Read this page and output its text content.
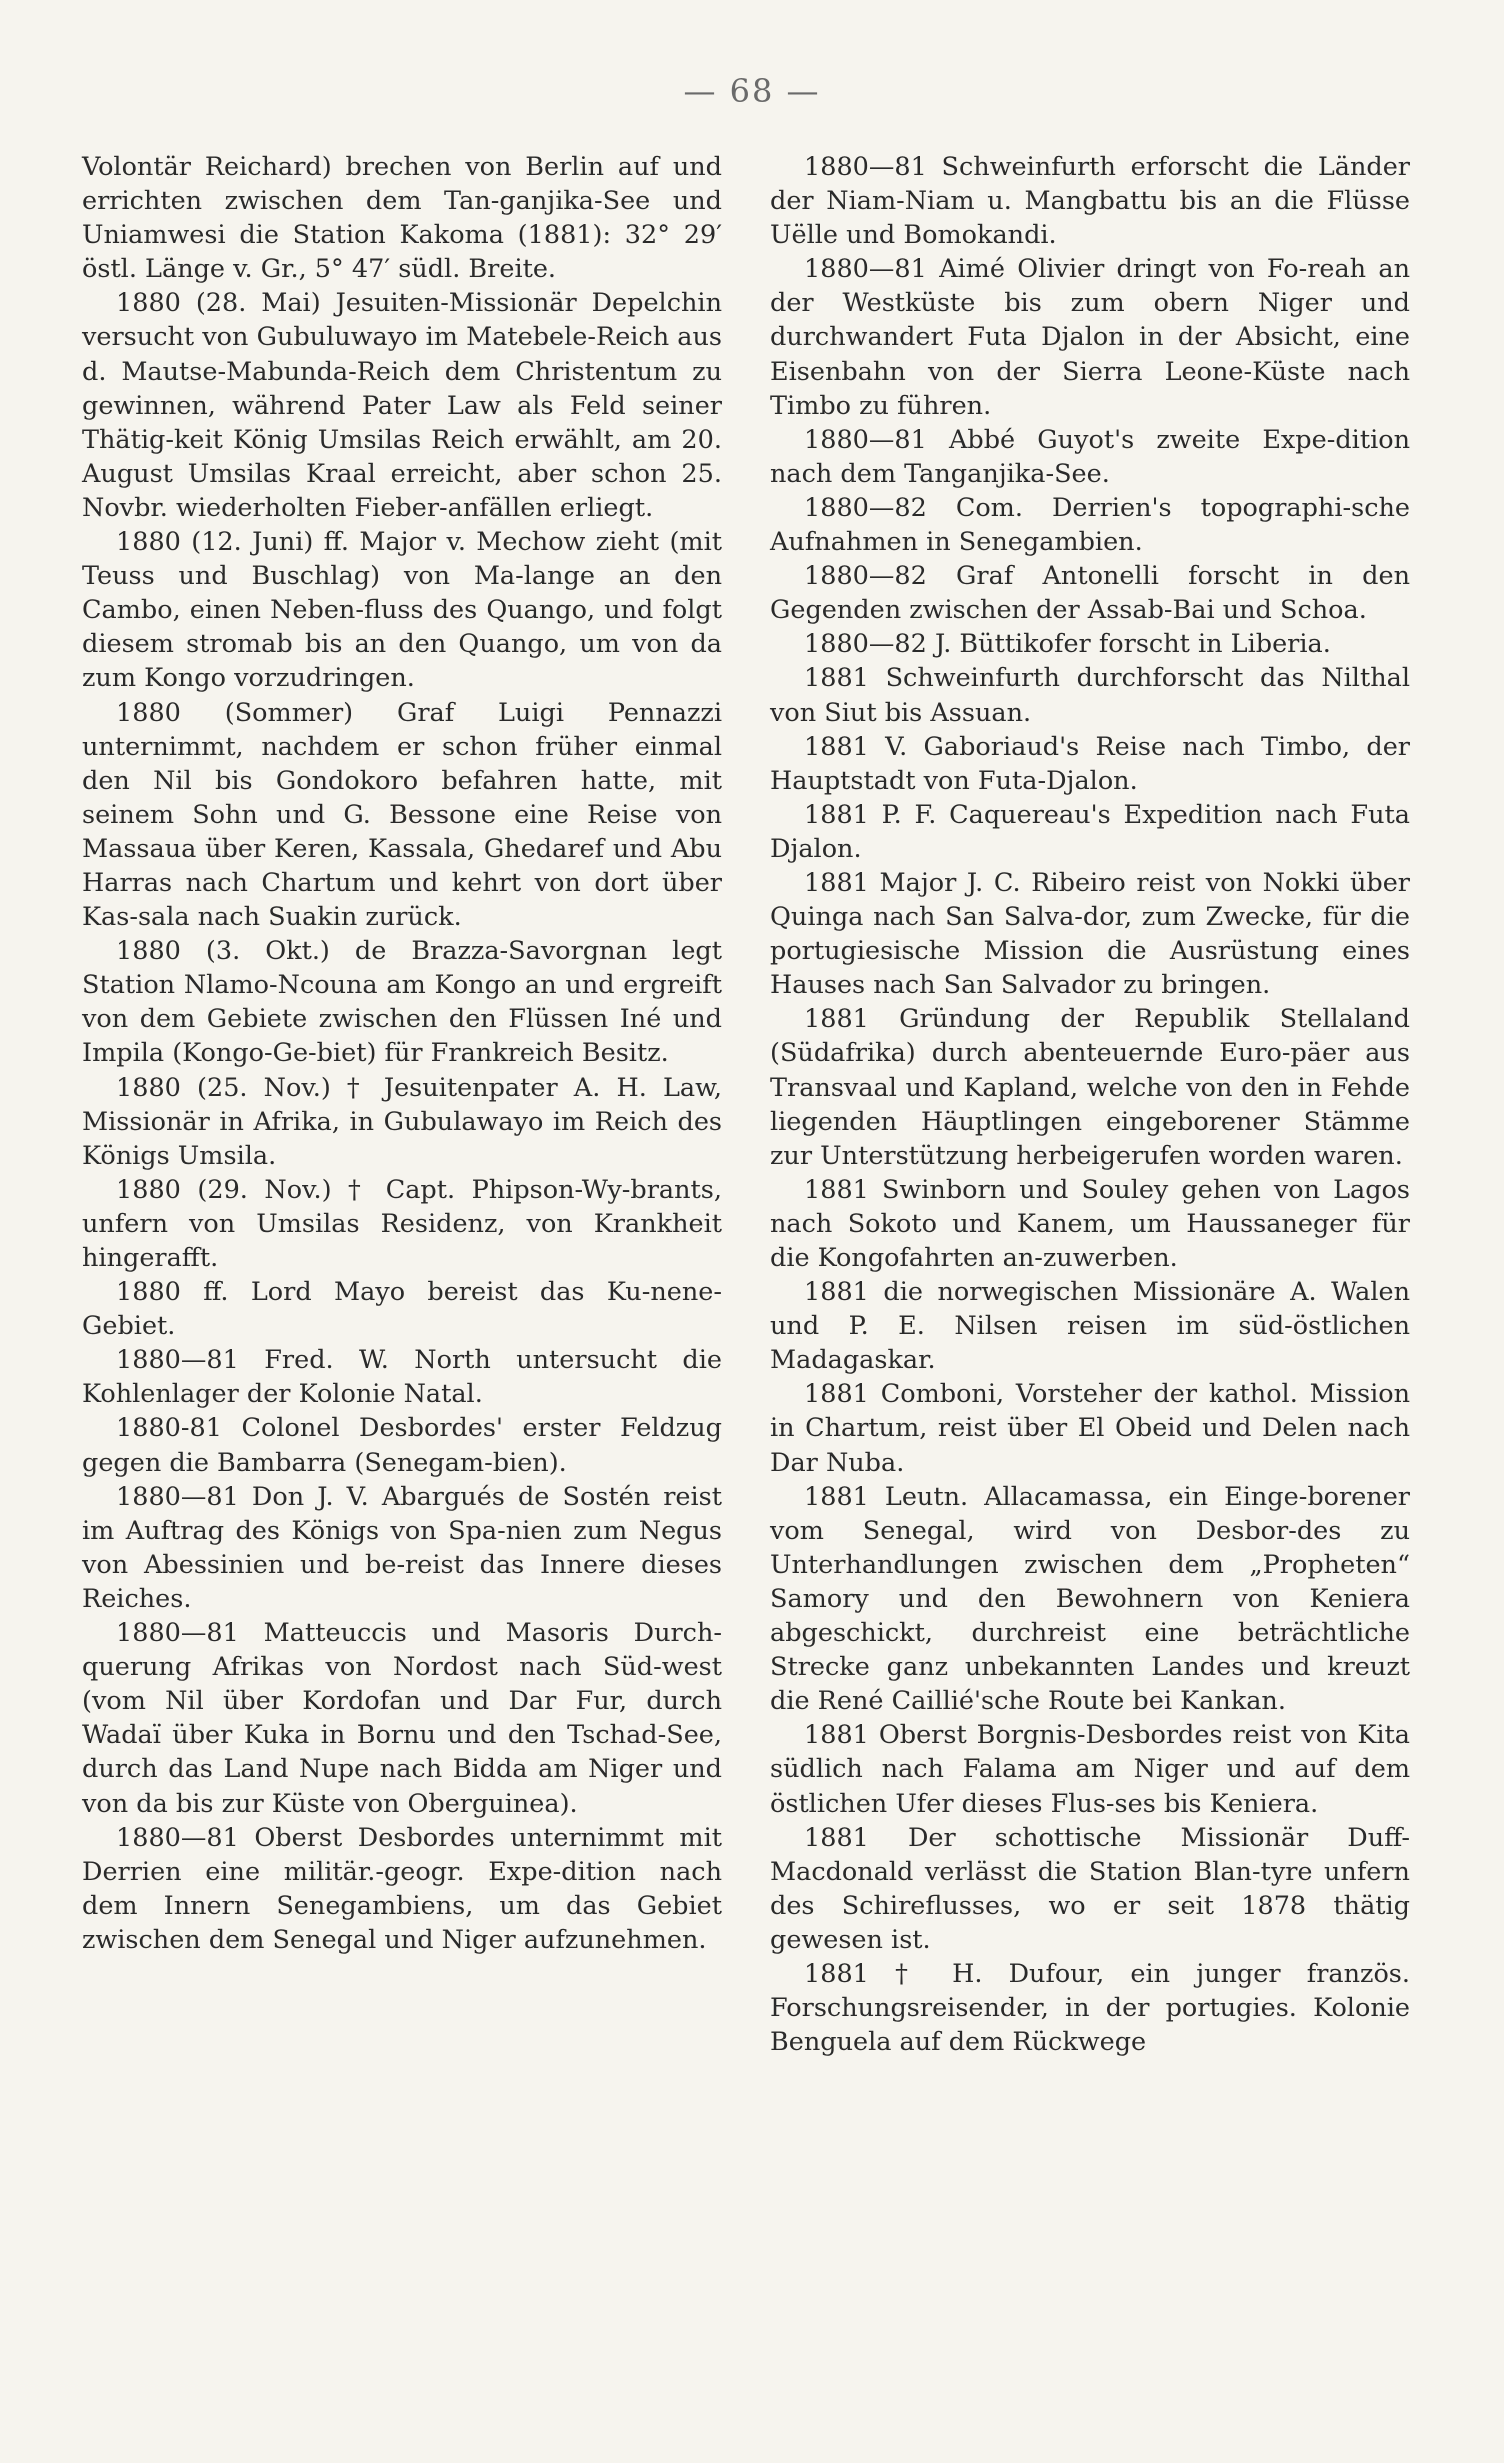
— 68 —

Volontär Reichard) brechen von Berlin auf und errichten zwischen dem Tan-ganjika-See und Uniamwesi die Station Kakoma (1881): 32° 29′ östl. Länge v. Gr., 5° 47′ südl. Breite.

1880 (28. Mai) Jesuiten-Missionär Depelchin versucht von Gubuluwayo im Matebele-Reich aus d. Mautse-Mabunda-Reich dem Christentum zu gewinnen, während Pater Law als Feld seiner Thätig-keit König Umsilas Reich erwählt, am 20. August Umsilas Kraal erreicht, aber schon 25. Novbr. wiederholten Fieber-anfällen erliegt.

1880 (12. Juni) ff. Major v. Mechow zieht (mit Teuss und Buschlag) von Ma-lange an den Cambo, einen Neben-fluss des Quango, und folgt diesem stromab bis an den Quango, um von da zum Kongo vorzudringen.

1880 (Sommer) Graf Luigi Pennazzi unternimmt, nachdem er schon früher einmal den Nil bis Gondokoro befahren hatte, mit seinem Sohn und G. Bessone eine Reise von Massaua über Keren, Kassala, Ghedaref und Abu Harras nach Chartum und kehrt von dort über Kas-sala nach Suakin zurück.

1880 (3. Okt.) de Brazza-Savorgnan legt Station Nlamo-Ncouna am Kongo an und ergreift von dem Gebiete zwischen den Flüssen Iné und Impila (Kongo-Ge-biet) für Frankreich Besitz.

1880 (25. Nov.) † Jesuitenpater A. H. Law, Missionär in Afrika, in Gubulawayo im Reich des Königs Umsila.

1880 (29. Nov.) † Capt. Phipson-Wy-brants, unfern von Umsilas Residenz, von Krankheit hingerafft.

1880 ff. Lord Mayo bereist das Ku-nene-Gebiet.

1880—81 Fred. W. North untersucht die Kohlenlager der Kolonie Natal.

1880-81 Colonel Desbordes' erster Feldzug gegen die Bambarra (Senegam-bien).

1880—81 Don J. V. Abargués de Sostén reist im Auftrag des Königs von Spa-nien zum Negus von Abessinien und be-reist das Innere dieses Reiches.

1880—81 Matteuccis und Masoris Durch-querung Afrikas von Nordost nach Süd-west (vom Nil über Kordofan und Dar Fur, durch Wadaï über Kuka in Bornu und den Tschad-See, durch das Land Nupe nach Bidda am Niger und von da bis zur Küste von Oberguinea).

1880—81 Oberst Desbordes unternimmt mit Derrien eine militär.-geogr. Expe-dition nach dem Innern Senegambiens, um das Gebiet zwischen dem Senegal und Niger aufzunehmen.

1880—81 Schweinfurth erforscht die Länder der Niam-Niam u. Mangbattu bis an die Flüsse Uëlle und Bomokandi.

1880—81 Aimé Olivier dringt von Fo-reah an der Westküste bis zum obern Niger und durchwandert Futa Djalon in der Absicht, eine Eisenbahn von der Sierra Leone-Küste nach Timbo zu führen.

1880—81 Abbé Guyot's zweite Expe-dition nach dem Tanganjika-See.

1880—82 Com. Derrien's topographi-sche Aufnahmen in Senegambien.

1880—82 Graf Antonelli forscht in den Gegenden zwischen der Assab-Bai und Schoa.

1880—82 J. Büttikofer forscht in Liberia.

1881 Schweinfurth durchforscht das Nilthal von Siut bis Assuan.

1881 V. Gaboriaud's Reise nach Timbo, der Hauptstadt von Futa-Djalon.

1881 P. F. Caquereau's Expedition nach Futa Djalon.

1881 Major J. C. Ribeiro reist von Nokki über Quinga nach San Salva-dor, zum Zwecke, für die portugiesische Mission die Ausrüstung eines Hauses nach San Salvador zu bringen.

1881 Gründung der Republik Stellaland (Südafrika) durch abenteuernde Euro-päer aus Transvaal und Kapland, welche von den in Fehde liegenden Häuptlingen eingeborener Stämme zur Unterstützung herbeigerufen worden waren.

1881 Swinborn und Souley gehen von Lagos nach Sokoto und Kanem, um Haussaneger für die Kongofahrten an-zuwerben.

1881 die norwegischen Missionäre A. Walen und P. E. Nilsen reisen im süd-östlichen Madagaskar.

1881 Comboni, Vorsteher der kathol. Mission in Chartum, reist über El Obeid und Delen nach Dar Nuba.

1881 Leutn. Allacamassa, ein Einge-borener vom Senegal, wird von Desbor-des zu Unterhandlungen zwischen dem „Propheten“ Samory und den Bewohnern von Keniera abgeschickt, durchreist eine beträchtliche Strecke ganz unbekannten Landes und kreuzt die René Caillié'sche Route bei Kankan.

1881 Oberst Borgnis-Desbordes reist von Kita südlich nach Falama am Niger und auf dem östlichen Ufer dieses Flus-ses bis Keniera.

1881 Der schottische Missionär Duff-Macdonald verlässt die Station Blan-tyre unfern des Schireflusses, wo er seit 1878 thätig gewesen ist.

1881 † H. Dufour, ein junger französ. Forschungsreisender, in der portugies. Kolonie Benguela auf dem Rückwege
